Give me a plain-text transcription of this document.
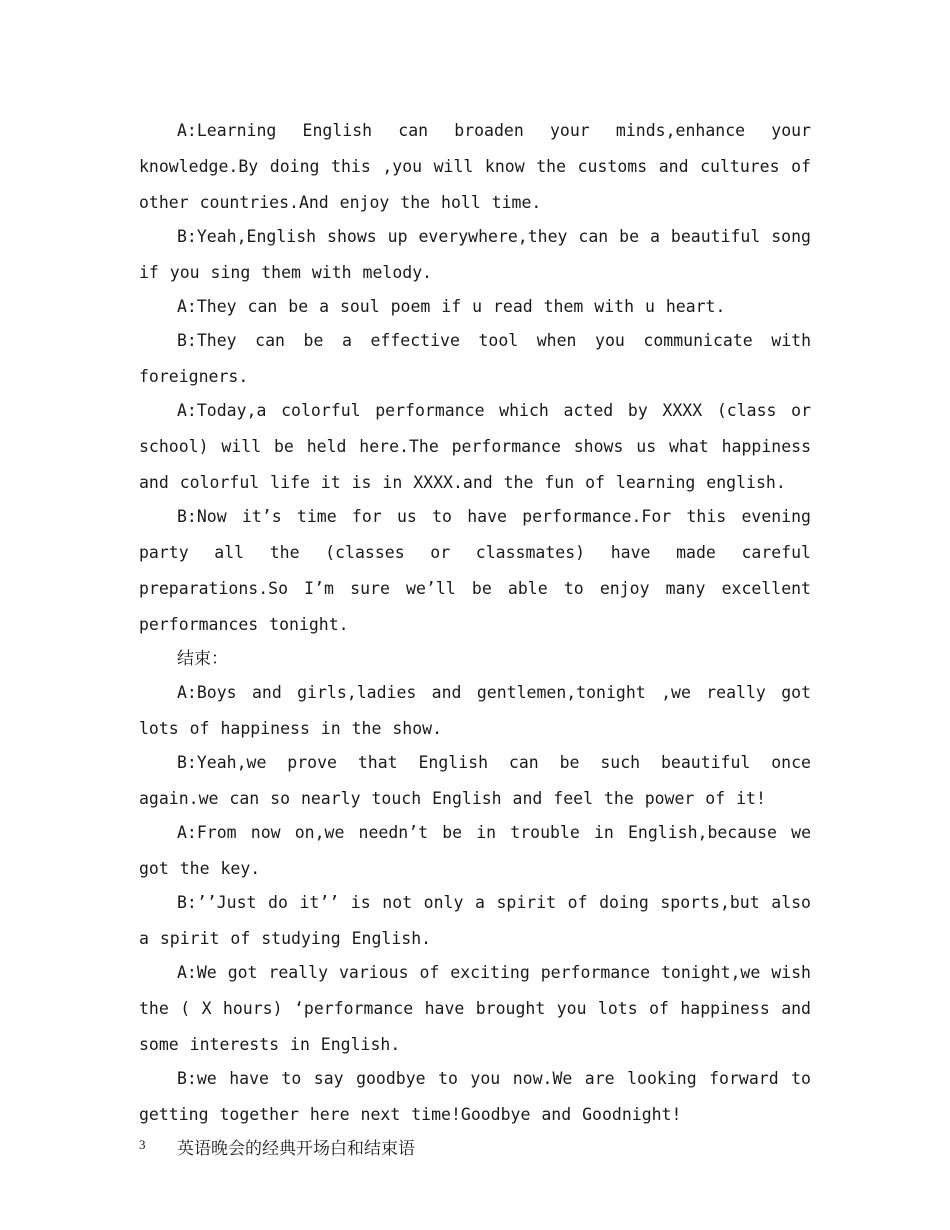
A:Learning English can broaden your minds,enhance your knowledge.By doing this ,you will know the customs and cultures of other countries.And enjoy the holl time.

B:Yeah,English shows up everywhere,they can be a beautiful song if you sing them with melody.

A:They can be a soul poem if u read them with u heart.

B:They can be a effective tool when you communicate with foreigners.

A:Today,a colorful performance which acted by XXXX (class or school) will be held here.The performance shows us what happiness and colorful life it is in XXXX.and the fun of learning english.

B:Now it’s time for us to have performance.For this evening party all the (classes or classmates) have made careful preparations.So I’m sure we’ll be able to enjoy many excellent performances tonight.

结束：

A:Boys and girls,ladies and gentlemen,tonight ,we really got lots of happiness in the show.

B:Yeah,we prove that English can be such beautiful once again.we can so nearly touch English and feel the power of it!

A:From now on,we needn’t be in trouble in English,because we got the key.

B:’’Just do it’’ is not only a spirit of doing sports,but also a spirit of studying English.

A:We got really various of exciting performance tonight,we wish the ( X hours) ‘performance have brought you lots of happiness and some interests in English.

B:we have to say goodbye to you now.We are looking forward to getting together here next time!Goodbye and Goodnight!

英语晚会的经典开场白和结束语

3
